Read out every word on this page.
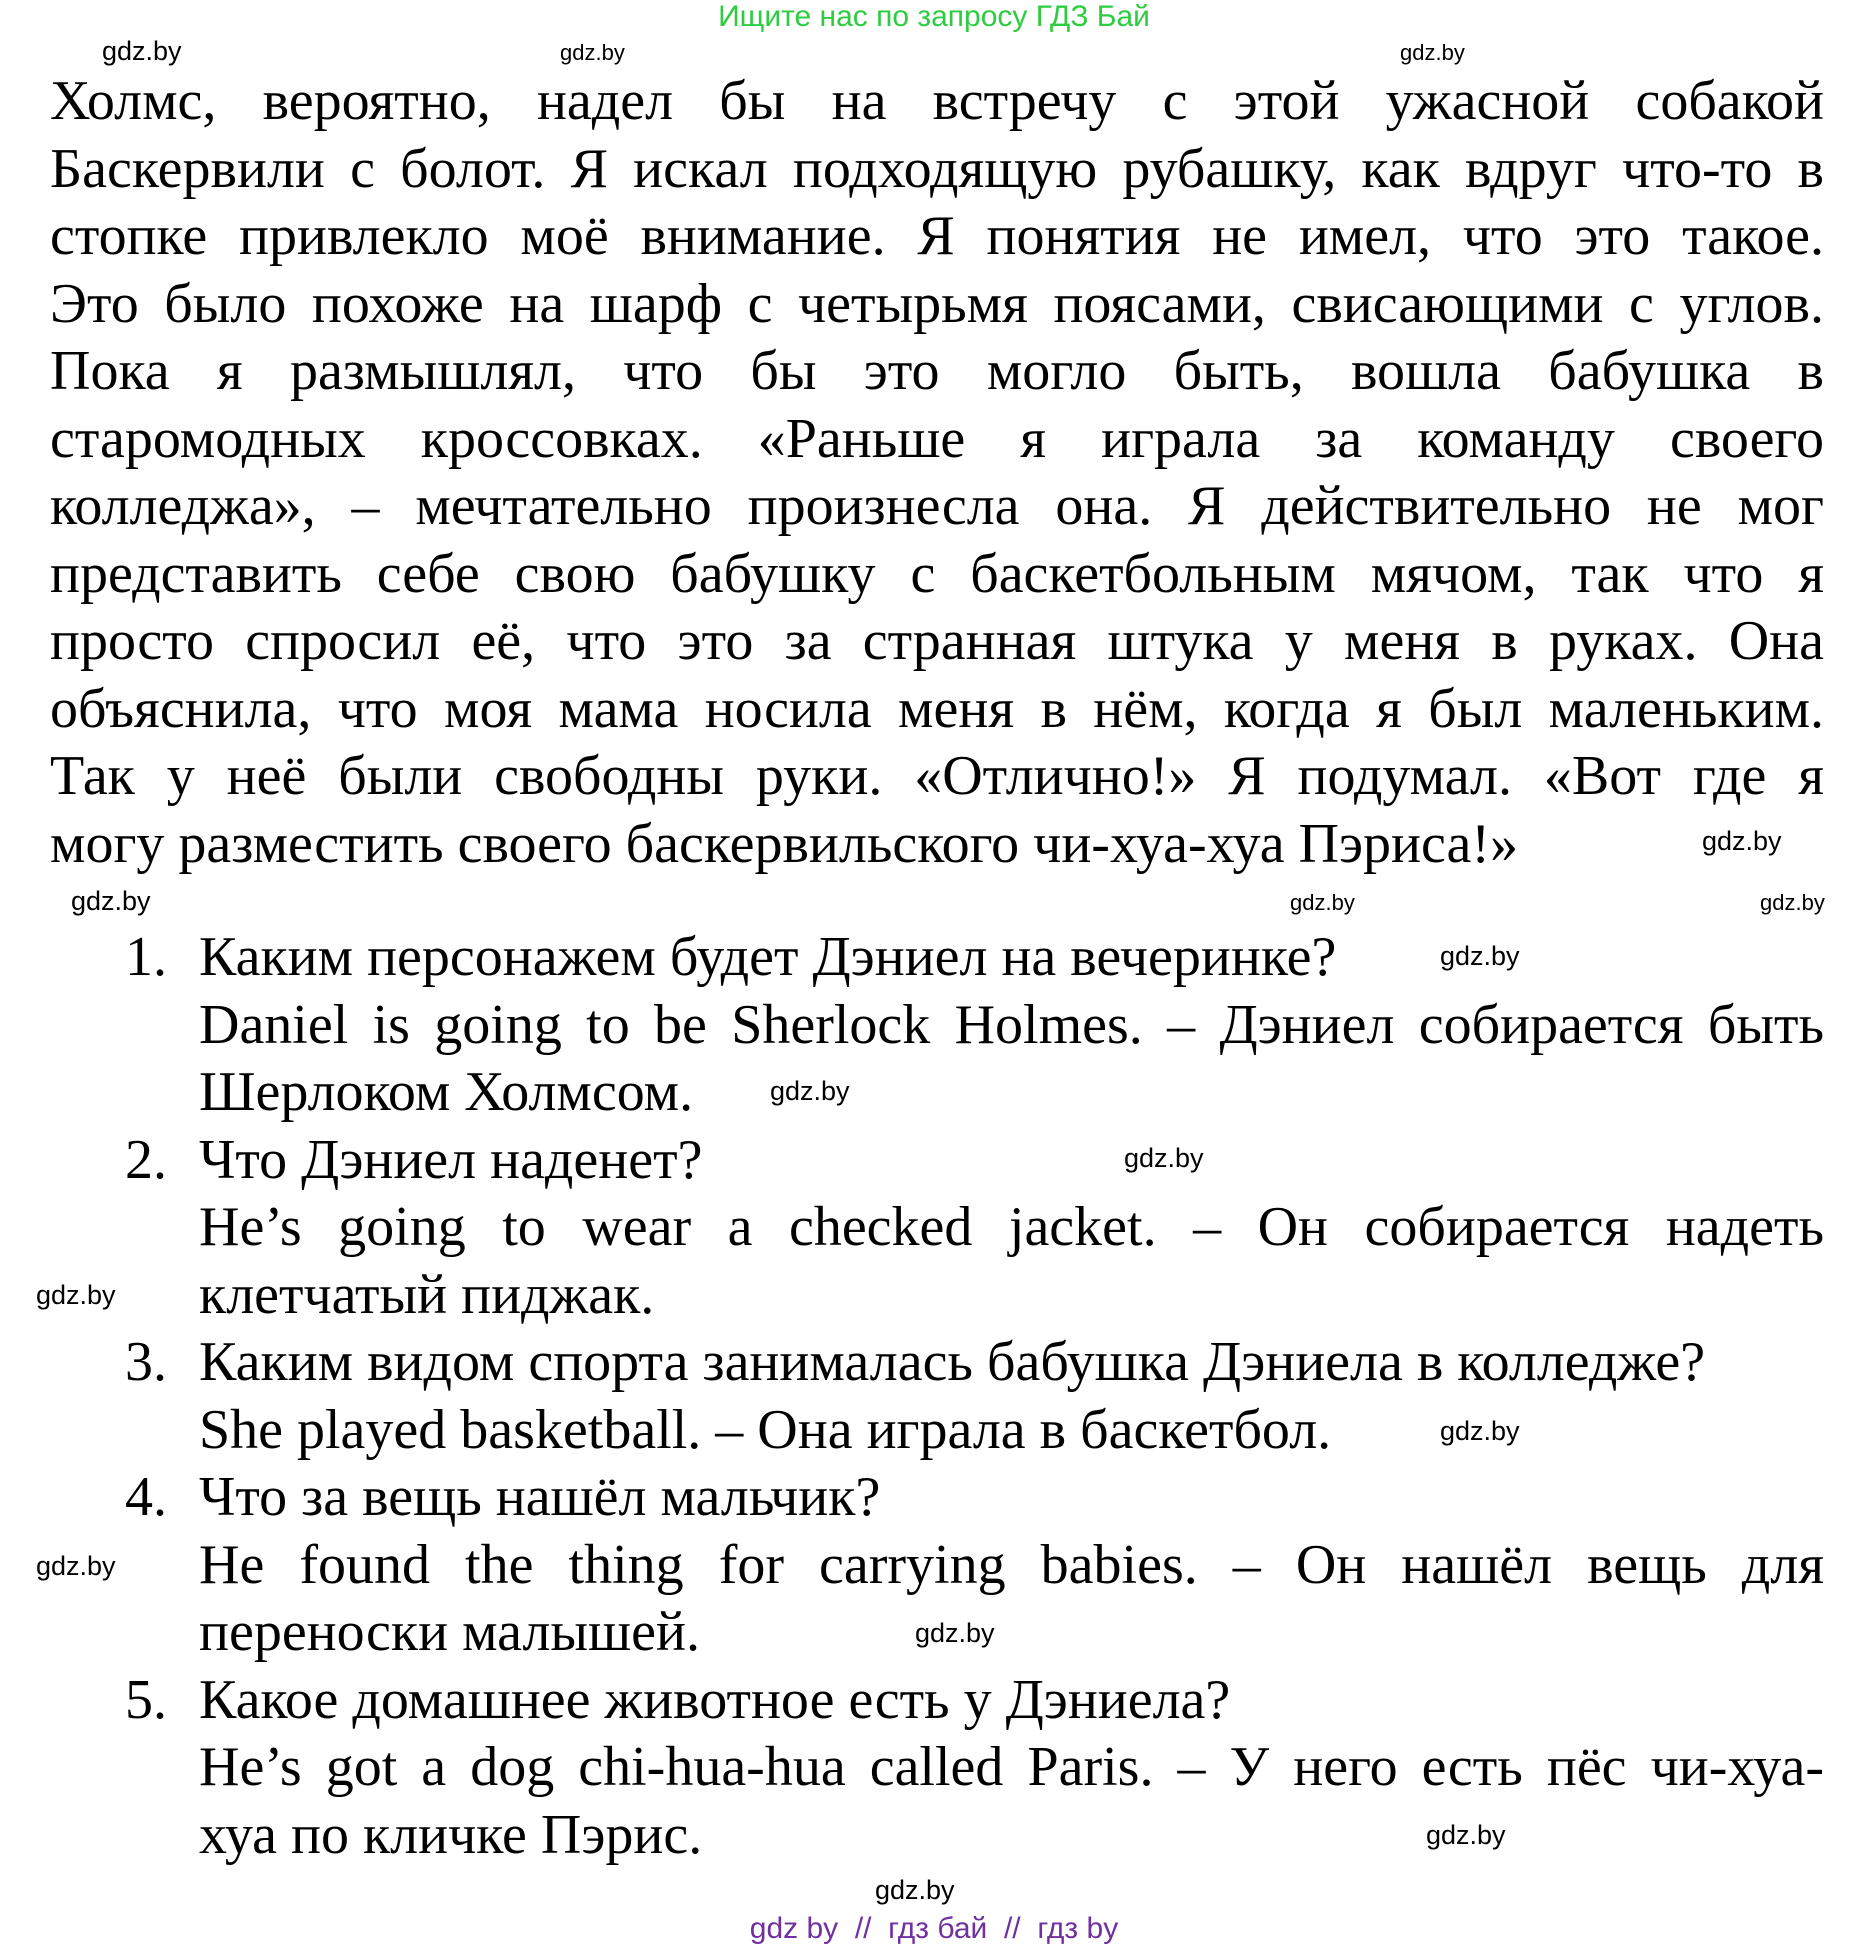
Ищите нас по запросу ГДЗ Бай
Холмс, вероятно, надел бы на встречу с этой ужасной собакой
Баскервили с болот. Я искал подходящую рубашку, как вдруг что-то в
стопке привлекло моё внимание. Я понятия не имел, что это такое.
Это было похоже на шарф с четырьмя поясами, свисающими с углов.
Пока я размышлял, что бы это могло быть, вошла бабушка в
старомодных кроссовках. «Раньше я играла за команду своего
колледжа», – мечтательно произнесла она. Я действительно не мог
представить себе свою бабушку с баскетбольным мячом, так что я
просто спросил её, что это за странная штука у меня в руках. Она
объяснила, что моя мама носила меня в нём, когда я был маленьким.
Так у неё были свободны руки. «Отлично!» Я подумал. «Вот где я
могу разместить своего баскервильского чи-хуа-хуа Пэриса!»
1. Каким персонажем будет Дэниел на вечеринке?
Daniel is going to be Sherlock Holmes. – Дэниел собирается быть
Шерлоком Холмсом.
2. Что Дэниел наденет?
He’s going to wear a checked jacket. – Он собирается надеть
клетчатый пиджак.
3. Каким видом спорта занималась бабушка Дэниела в колледже?
She played basketball. – Она играла в баскетбол.
4. Что за вещь нашёл мальчик?
He found the thing for carrying babies. – Он нашёл вещь для
переноски малышей.
5. Какое домашнее животное есть у Дэниела?
He’s got a dog chi-hua-hua called Paris. – У него есть пёс чи-хуа-
хуа по кличке Пэрис.
gdz.by	gdz.by	gdz.by
gdz.by
gdz.by	gdz.by	gdz.by
gdz.by
gdz.by
gdz.by
gdz.by
gdz.by
gdz.by
gdz.by
gdz.by
gdz.by
gdz by  //  гдз бай  //  гдз by
